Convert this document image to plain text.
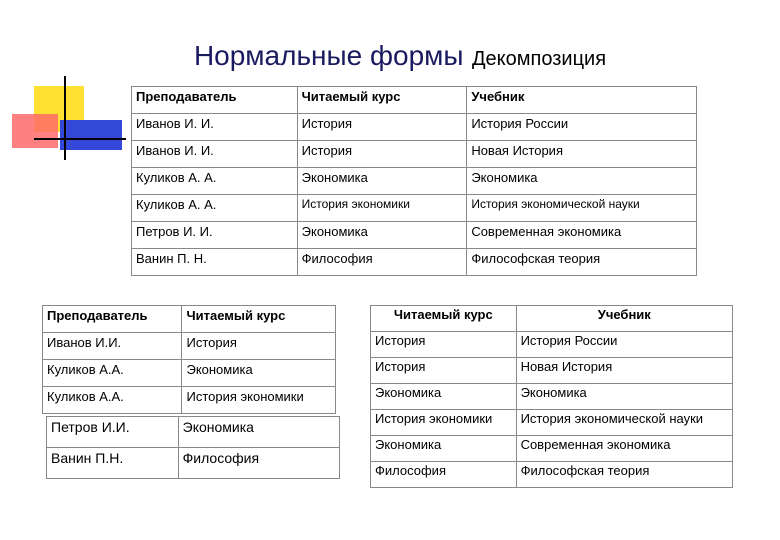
Нормальные формы Декомпозиция
Преподаватель	Читаемый курс	Учебник
Иванов И. И.	История	История России
Иванов И. И.	История	Новая История
Куликов А. А.	Экономика	Экономика
Куликов А. А.	История экономики	История экономической науки
Петров И. И.	Экономика	Современная экономика
Ванин П. Н.	Философия	Философская теория
Преподаватель	Читаемый курс
Иванов И.И.	История
Куликов А.А.	Экономика
Куликов А.А.	История экономики
Петров И.И.	Экономика
Ванин П.Н.	Философия
Читаемый курс	Учебник
История	История России
История	Новая История
Экономика	Экономика
История экономики	История экономической науки
Экономика	Современная экономика
Философия	Философская теория
